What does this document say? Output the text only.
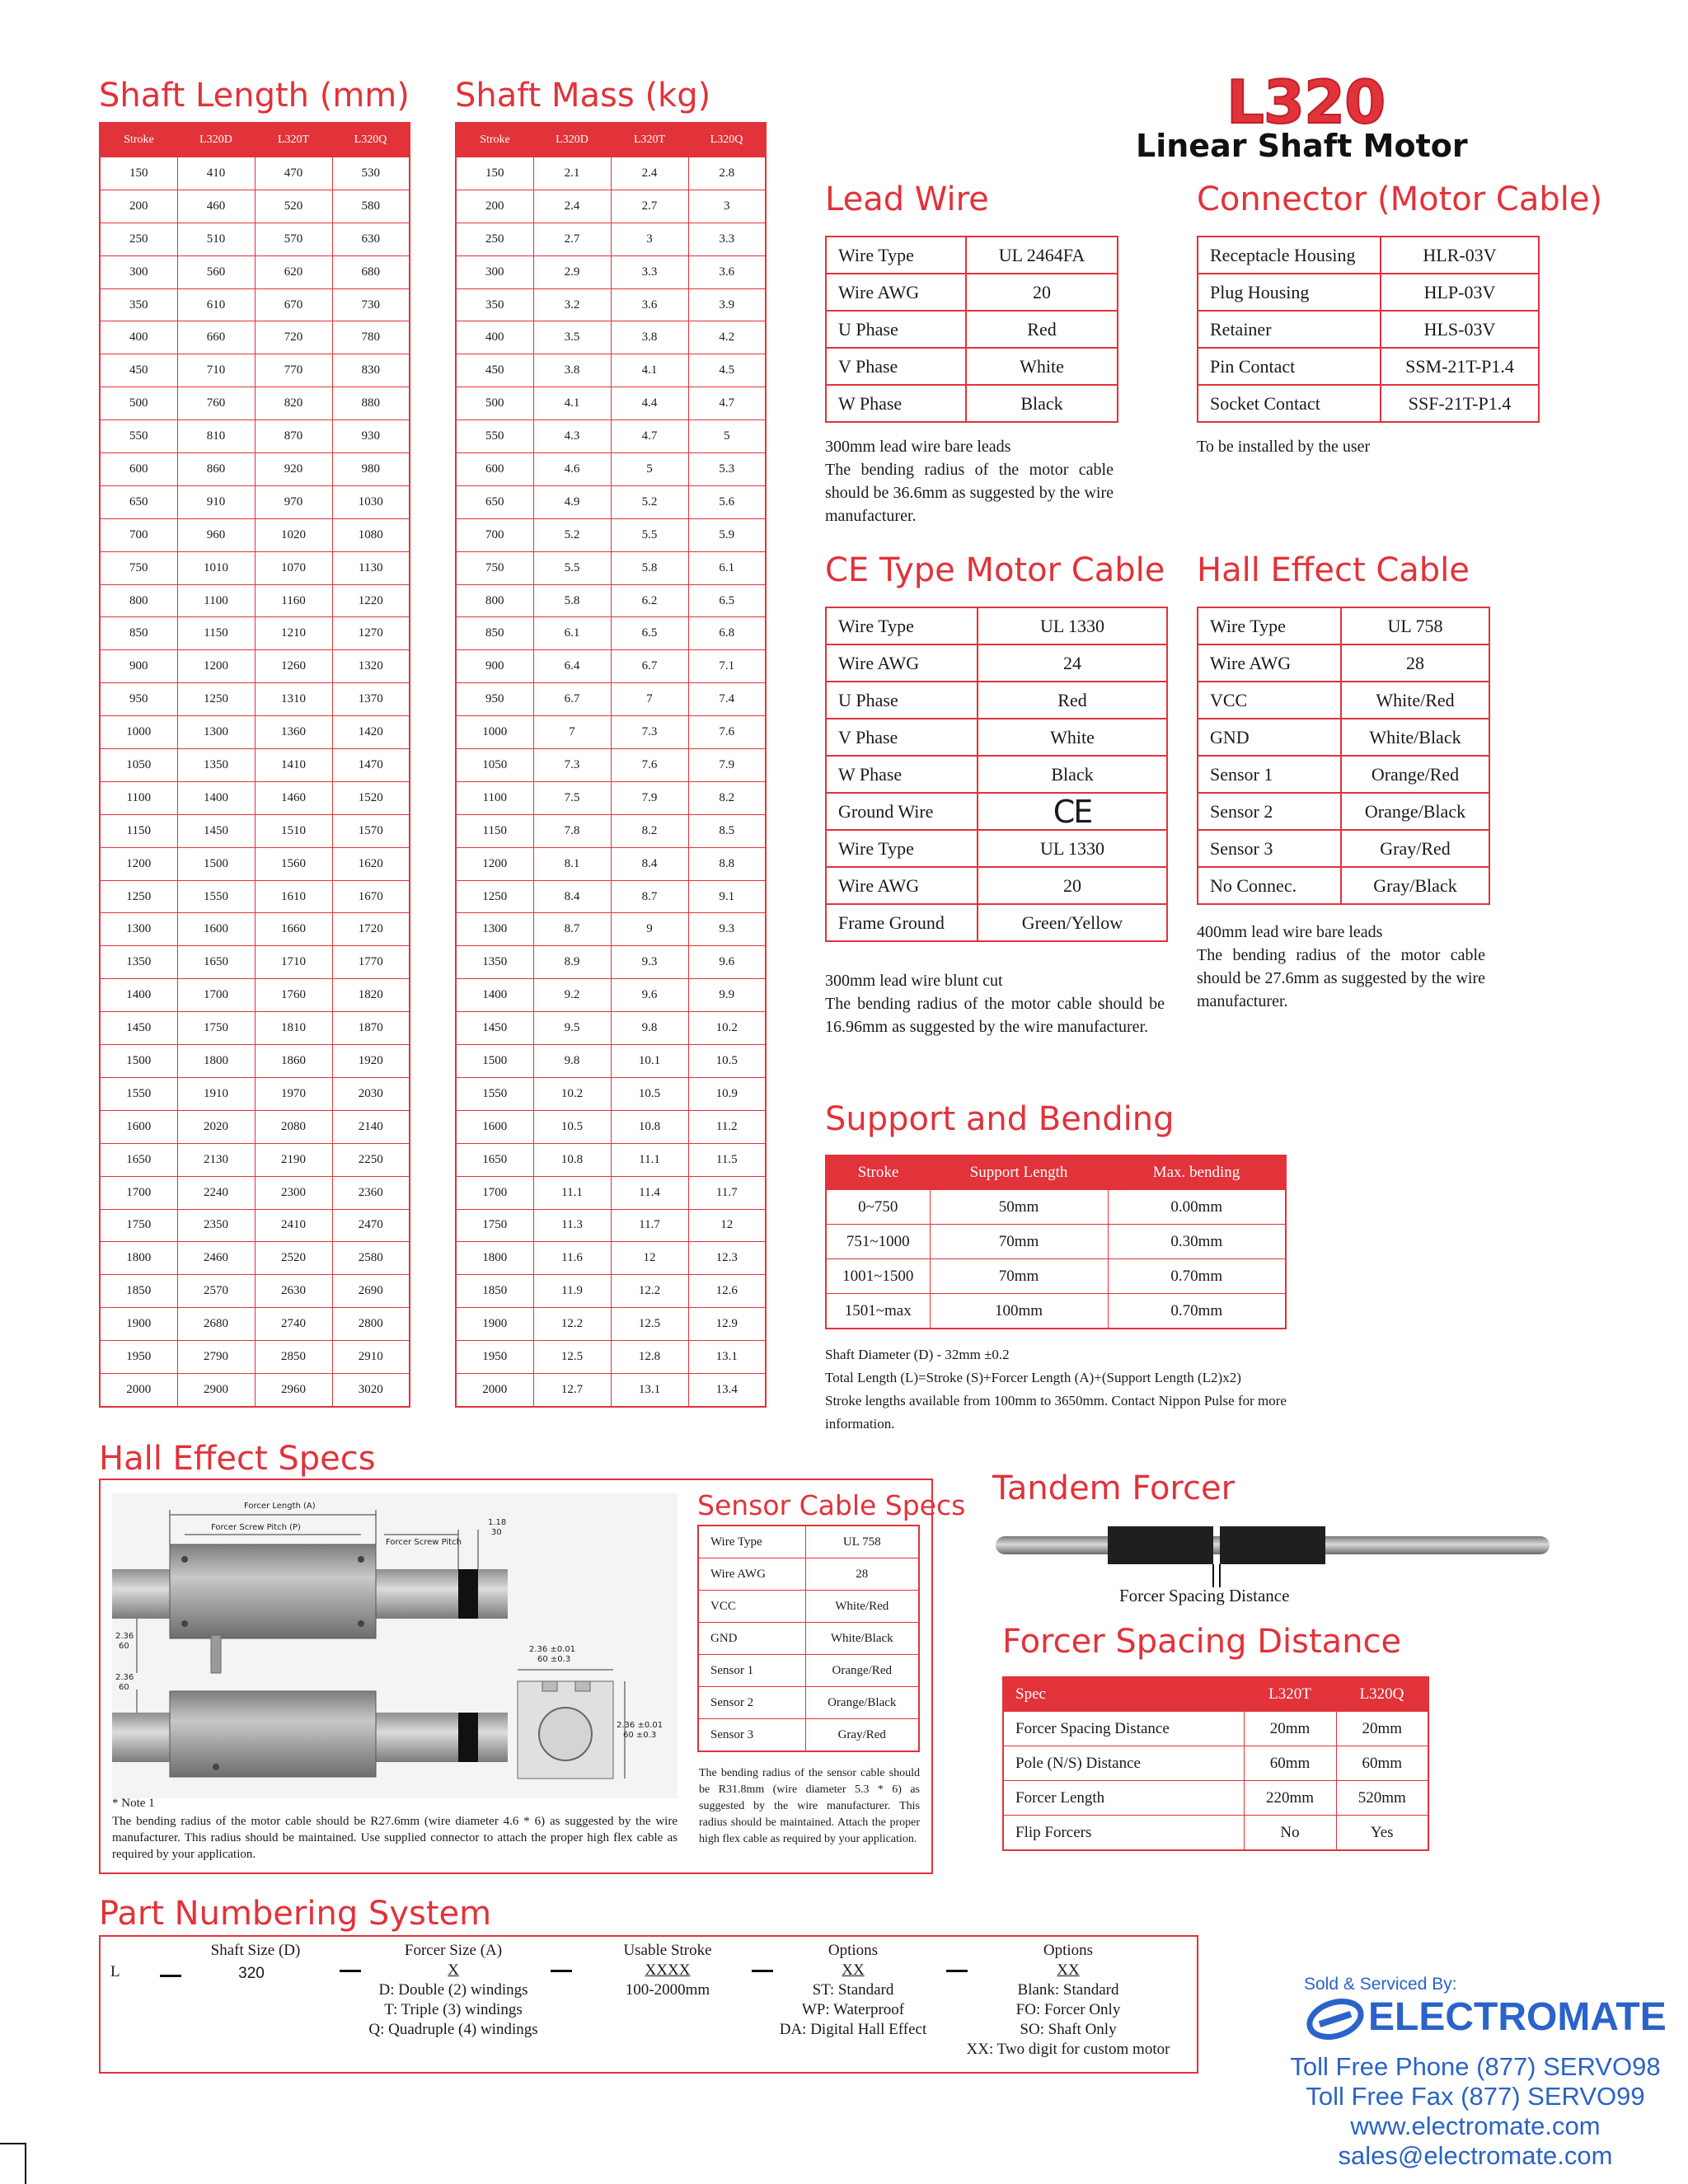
L320
Linear Shaft Motor
Shaft Length (mm)
Stroke	L320D	L320T	L320Q
150	410	470	530
200	460	520	580
250	510	570	630
300	560	620	680
350	610	670	730
400	660	720	780
450	710	770	830
500	760	820	880
550	810	870	930
600	860	920	980
650	910	970	1030
700	960	1020	1080
750	1010	1070	1130
800	1100	1160	1220
850	1150	1210	1270
900	1200	1260	1320
950	1250	1310	1370
1000	1300	1360	1420
1050	1350	1410	1470
1100	1400	1460	1520
1150	1450	1510	1570
1200	1500	1560	1620
1250	1550	1610	1670
1300	1600	1660	1720
1350	1650	1710	1770
1400	1700	1760	1820
1450	1750	1810	1870
1500	1800	1860	1920
1550	1910	1970	2030
1600	2020	2080	2140
1650	2130	2190	2250
1700	2240	2300	2360
1750	2350	2410	2470
1800	2460	2520	2580
1850	2570	2630	2690
1900	2680	2740	2800
1950	2790	2850	2910
2000	2900	2960	3020
Shaft Mass (kg)
Stroke	L320D	L320T	L320Q
150	2.1	2.4	2.8
200	2.4	2.7	3
250	2.7	3	3.3
300	2.9	3.3	3.6
350	3.2	3.6	3.9
400	3.5	3.8	4.2
450	3.8	4.1	4.5
500	4.1	4.4	4.7
550	4.3	4.7	5
600	4.6	5	5.3
650	4.9	5.2	5.6
700	5.2	5.5	5.9
750	5.5	5.8	6.1
800	5.8	6.2	6.5
850	6.1	6.5	6.8
900	6.4	6.7	7.1
950	6.7	7	7.4
1000	7	7.3	7.6
1050	7.3	7.6	7.9
1100	7.5	7.9	8.2
1150	7.8	8.2	8.5
1200	8.1	8.4	8.8
1250	8.4	8.7	9.1
1300	8.7	9	9.3
1350	8.9	9.3	9.6
1400	9.2	9.6	9.9
1450	9.5	9.8	10.2
1500	9.8	10.1	10.5
1550	10.2	10.5	10.9
1600	10.5	10.8	11.2
1650	10.8	11.1	11.5
1700	11.1	11.4	11.7
1750	11.3	11.7	12
1800	11.6	12	12.3
1850	11.9	12.2	12.6
1900	12.2	12.5	12.9
1950	12.5	12.8	13.1
2000	12.7	13.1	13.4
Lead Wire
Wire Type	UL 2464FA
Wire AWG	20
U Phase	Red
V Phase	White
W Phase	Black
300mm lead wire bare leads
The bending radius of the motor cable should be 36.6mm as suggested by the wire manufacturer.
Connector (Motor Cable)
Receptacle Housing	HLR-03V
Plug Housing	HLP-03V
Retainer	HLS-03V
Pin Contact	SSM-21T-P1.4
Socket Contact	SSF-21T-P1.4
To be installed by the user
CE Type Motor Cable
Wire Type	UL 1330
Wire AWG	24
U Phase	Red
V Phase	White
W Phase	Black
Ground Wire	CE
Wire Type	UL 1330
Wire AWG	20
Frame Ground	Green/Yellow
300mm lead wire blunt cut
The bending radius of the motor cable should be 16.96mm as suggested by the wire manufacturer.
Hall Effect Cable
Wire Type	UL 758
Wire AWG	28
VCC	White/Red
GND	White/Black
Sensor 1	Orange/Red
Sensor 2	Orange/Black
Sensor 3	Gray/Red
No Connec.	Gray/Black
400mm lead wire bare leads
The bending radius of the motor cable should be 27.6mm as suggested by the wire manufacturer.
Support and Bending
Stroke	Support Length	Max. bending
0~750	50mm	0.00mm
751~1000	70mm	0.30mm
1001~1500	70mm	0.70mm
1501~max	100mm	0.70mm
Shaft Diameter (D) - 32mm ±0.2
Total Length (L)=Stroke (S)+Forcer Length (A)+(Support Length (L2)x2)
Stroke lengths available from 100mm to 3650mm. Contact Nippon Pulse for more information.
Hall Effect Specs
Forcer Length (A)
Forcer Screw Pitch (P)
Forcer Screw Pitch
1.18
30
2.36
60
2.36
60
2.36 ±0.01
60 ±0.3
2.36 ±0.01
60 ±0.3
* Note 1
The bending radius of the motor cable should be R27.6mm (wire diameter 4.6 * 6) as suggested by the wire manufacturer. This radius should be maintained. Use supplied connector to attach the proper high flex cable as required by your application.
Sensor Cable Specs
Wire Type	UL 758
Wire AWG	28
VCC	White/Red
GND	White/Black
Sensor 1	Orange/Red
Sensor 2	Orange/Black
Sensor 3	Gray/Red
The bending radius of the sensor cable should be R31.8mm (wire diameter 5.3 * 6) as suggested by the wire manufacturer. This radius should be maintained. Attach the proper high flex cable as required by your application.
Tandem Forcer
Forcer Spacing Distance
Forcer Spacing Distance
Spec	L320T	L320Q
Forcer Spacing Distance	20mm	20mm
Pole (N/S) Distance	60mm	60mm
Forcer Length	220mm	520mm
Flip Forcers	No	Yes
Part Numbering System
L
Shaft Size (D)
320
Forcer Size (A)
X
D: Double (2) windings
T: Triple (3) windings
Q: Quadruple (4) windings
Usable Stroke
XXXX
100-2000mm
Options
XX
ST: Standard
WP: Waterproof
DA: Digital Hall Effect
Options
XX
Blank: Standard
FO: Forcer Only
SO: Shaft Only
XX: Two digit for custom motor
Sold & Serviced By:
ELECTROMATE
Toll Free Phone (877) SERVO98
Toll Free Fax (877) SERVO99
www.electromate.com
sales@electromate.com
